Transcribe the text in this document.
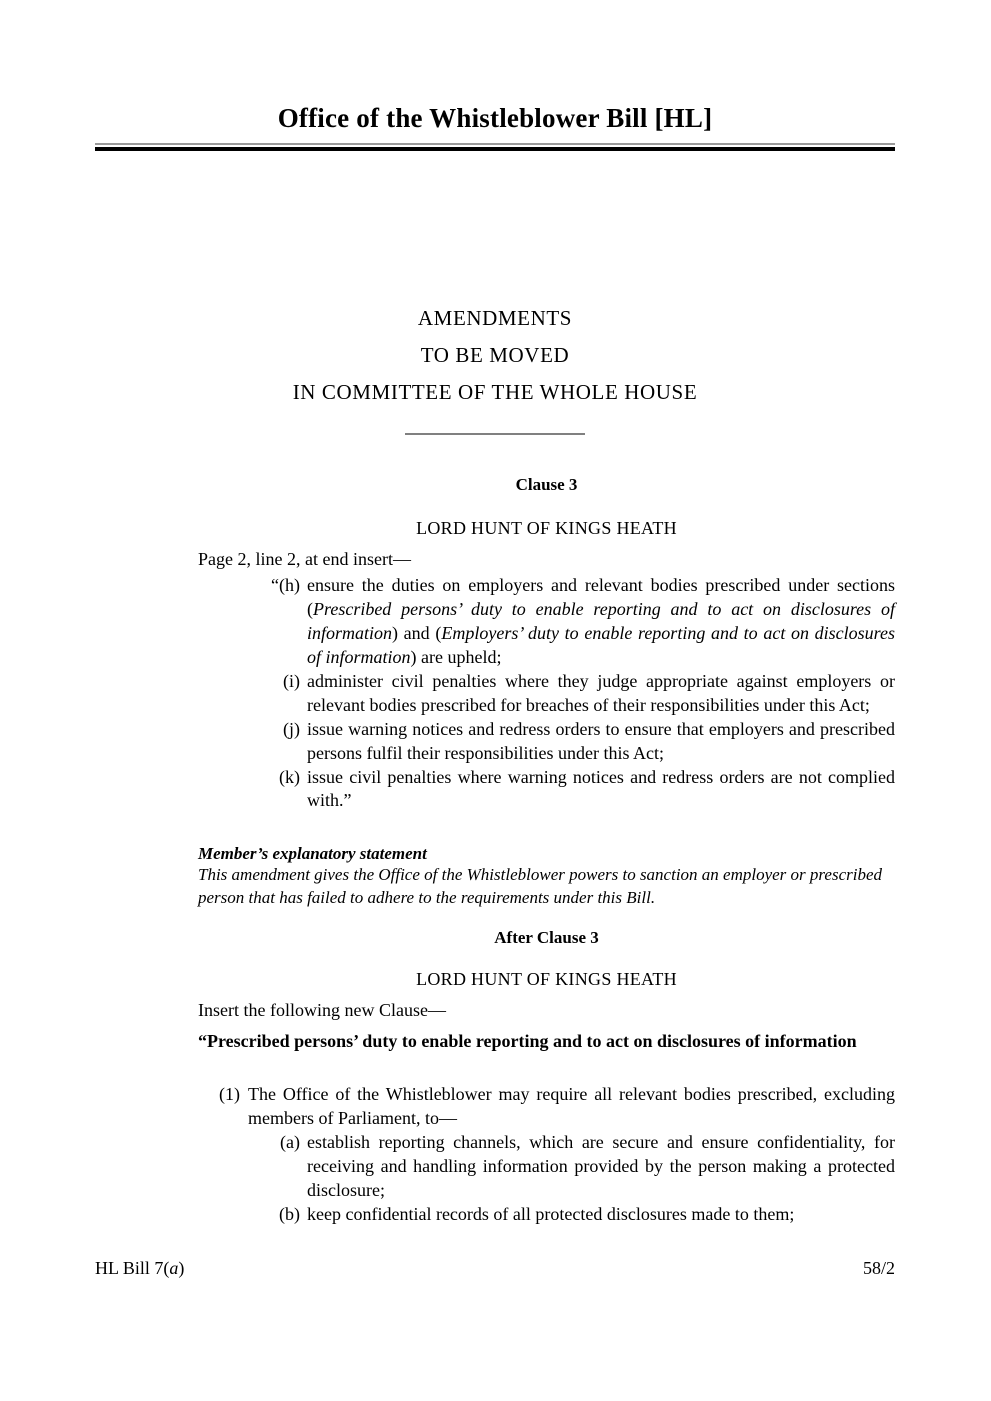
Office of the Whistleblower Bill [HL]
AMENDMENTS
TO BE MOVED
IN COMMITTEE OF THE WHOLE HOUSE
Clause 3
LORD HUNT OF KINGS HEATH
Page 2, line 2, at end insert—
“(h) ensure the duties on employers and relevant bodies prescribed under sections (Prescribed persons’ duty to enable reporting and to act on disclosures of information) and (Employers’ duty to enable reporting and to act on disclosures of information) are upheld;
(i) administer civil penalties where they judge appropriate against employers or relevant bodies prescribed for breaches of their responsibilities under this Act;
(j) issue warning notices and redress orders to ensure that employers and prescribed persons fulfil their responsibilities under this Act;
(k) issue civil penalties where warning notices and redress orders are not complied with.”
Member’s explanatory statement
This amendment gives the Office of the Whistleblower powers to sanction an employer or prescribed person that has failed to adhere to the requirements under this Bill.
After Clause 3
LORD HUNT OF KINGS HEATH
Insert the following new Clause—
“Prescribed persons’ duty to enable reporting and to act on disclosures of information
(1) The Office of the Whistleblower may require all relevant bodies prescribed, excluding members of Parliament, to—
(a) establish reporting channels, which are secure and ensure confidentiality, for receiving and handling information provided by the person making a protected disclosure;
(b) keep confidential records of all protected disclosures made to them;
HL Bill 7(a)	58/2
